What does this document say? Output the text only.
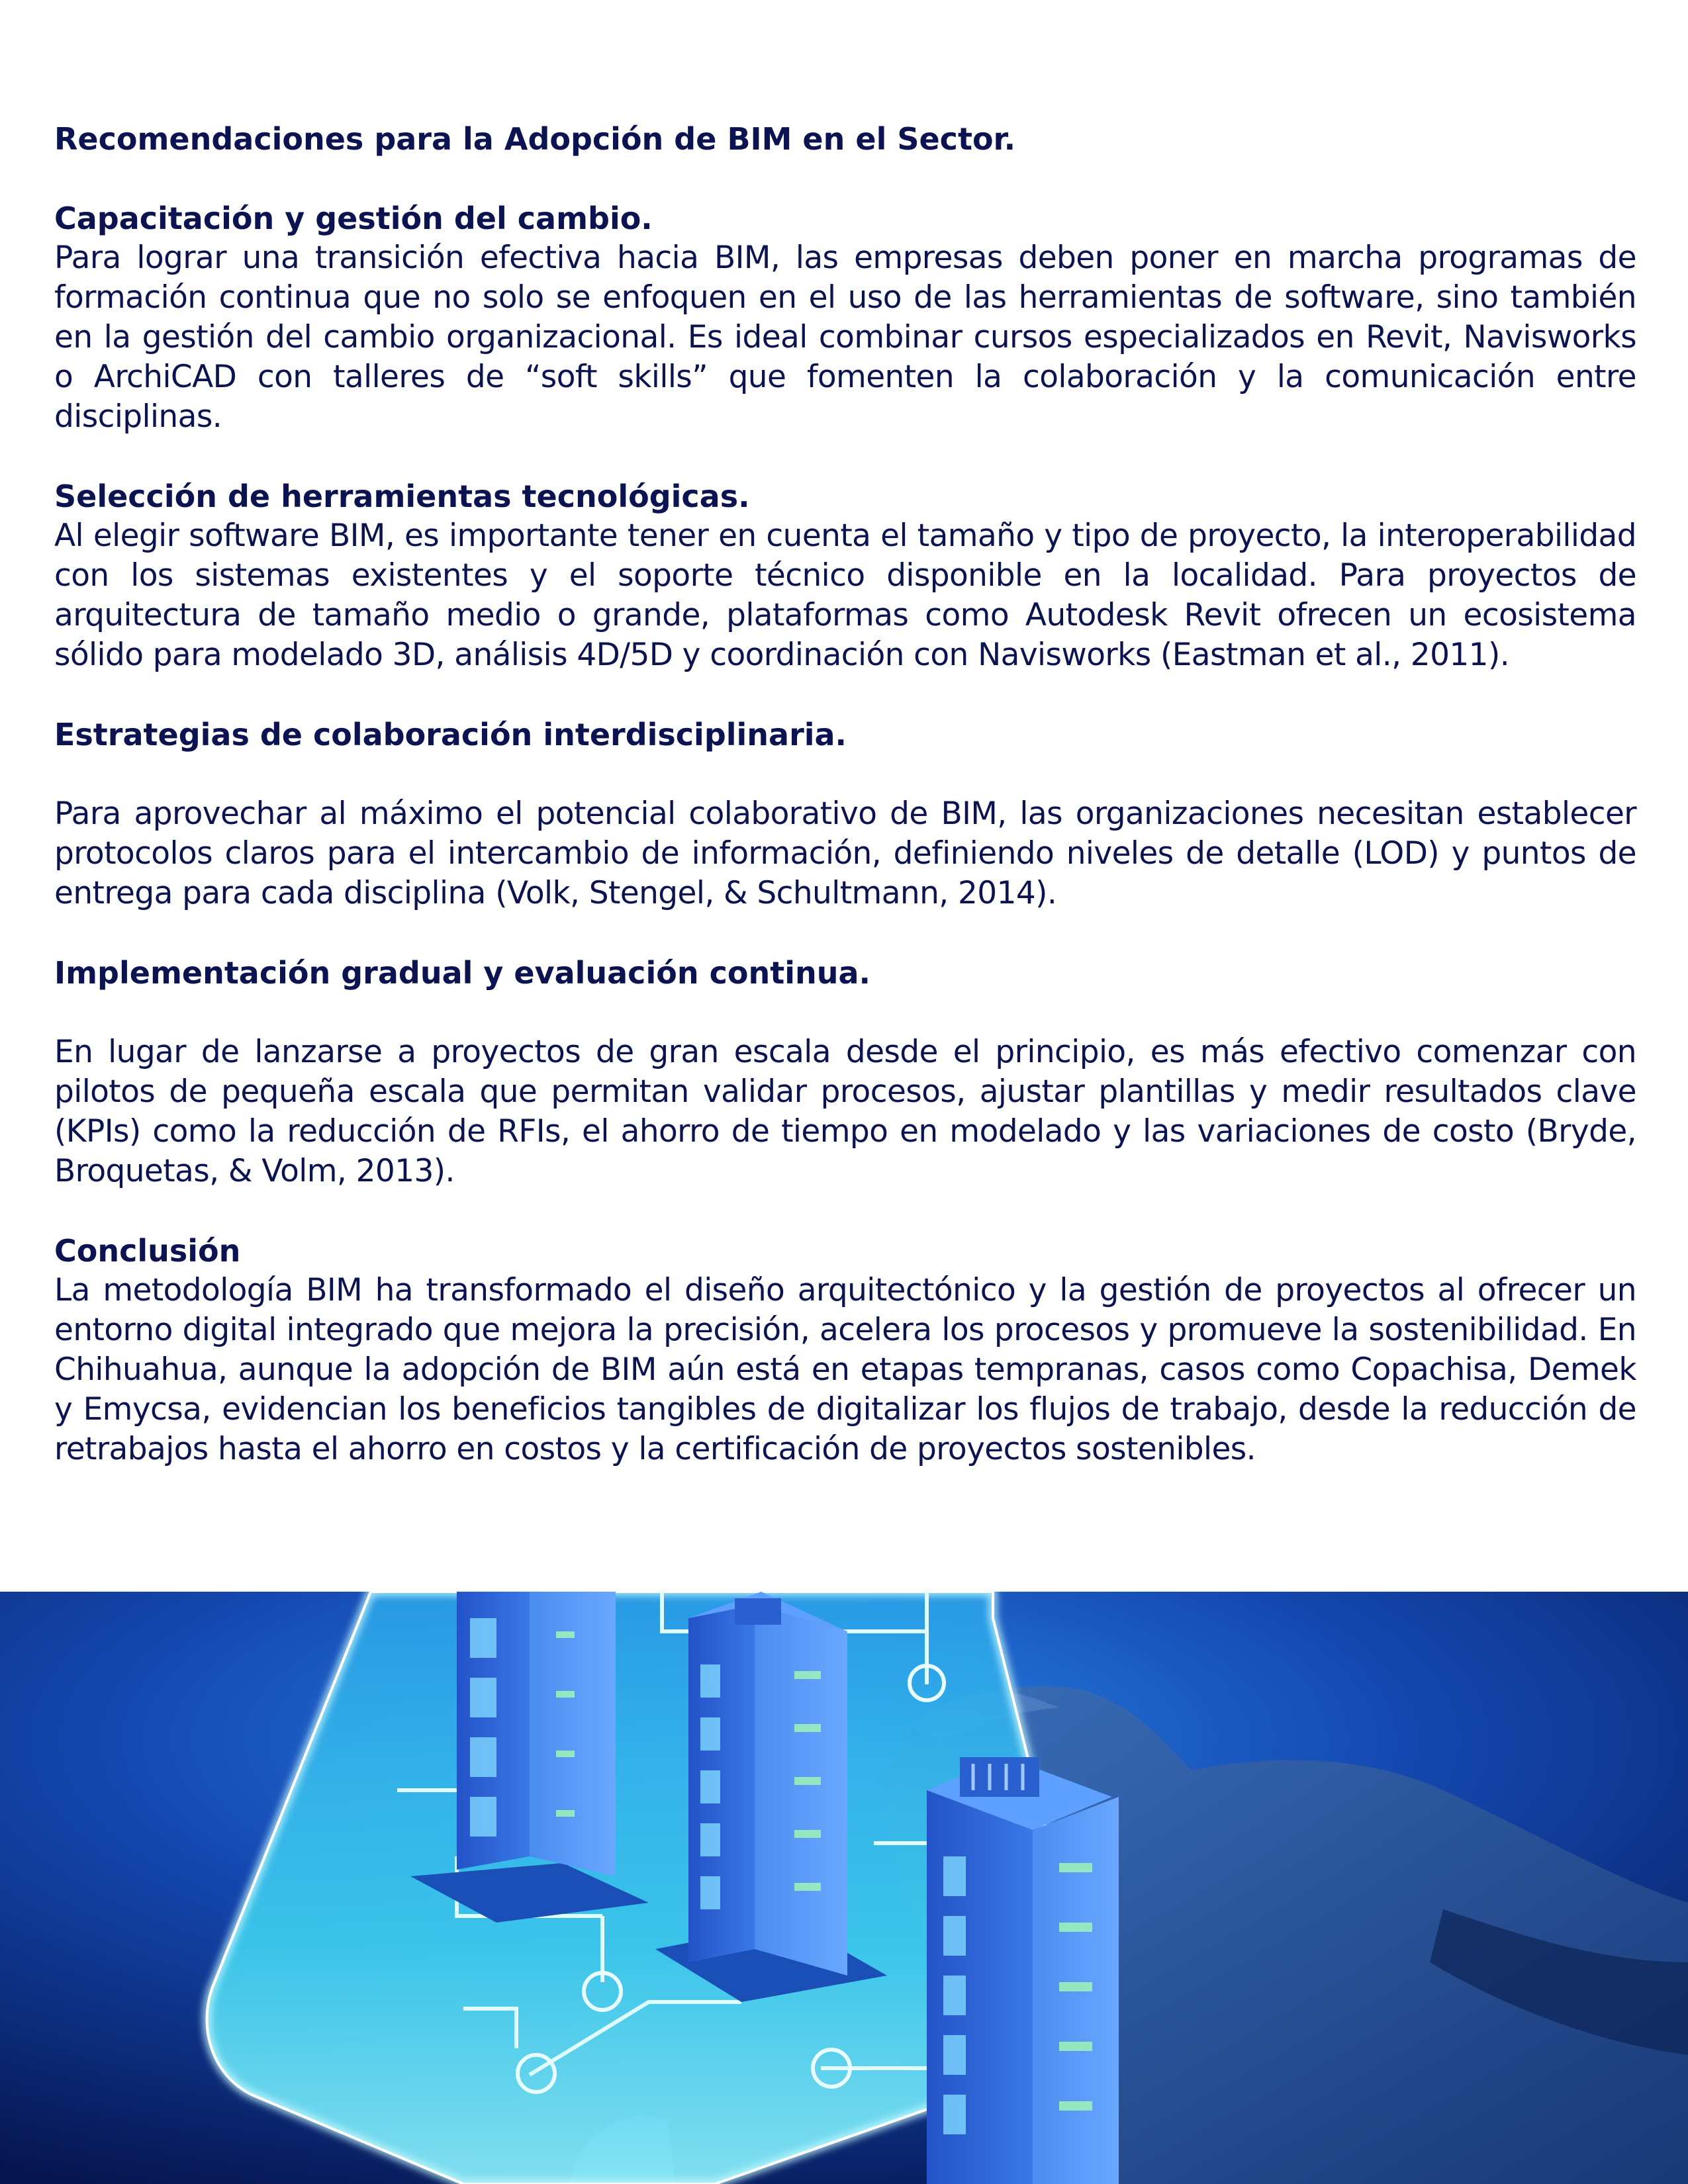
Recomendaciones para la Adopción de BIM en el Sector.

Capacitación y gestión del cambio.

Para lograr una transición efectiva hacia BIM, las empresas deben poner en marcha programas de formación continua que no solo se enfoquen en el uso de las herramientas de software, sino también en la gestión del cambio organizacional. Es ideal combinar cursos especializados en Revit, Navisworks o ArchiCAD con talleres de “soft skills” que fomenten la colaboración y la comunicación entre disciplinas.

Selección de herramientas tecnológicas.

Al elegir software BIM, es importante tener en cuenta el tamaño y tipo de proyecto, la interoperabilidad con los sistemas existentes y el soporte técnico disponible en la localidad. Para proyectos de arquitectura de tamaño medio o grande, plataformas como Autodesk Revit ofrecen un ecosistema sólido para modelado 3D, análisis 4D/5D y coordinación con Navisworks (Eastman et al., 2011).

Estrategias de colaboración interdisciplinaria.

Para aprovechar al máximo el potencial colaborativo de BIM, las organizaciones necesitan establecer protocolos claros para el intercambio de información, definiendo niveles de detalle (LOD) y puntos de entrega para cada disciplina (Volk, Stengel, & Schultmann, 2014).

Implementación gradual y evaluación continua.

En lugar de lanzarse a proyectos de gran escala desde el principio, es más efectivo comenzar con pilotos de pequeña escala que permitan validar procesos, ajustar plantillas y medir resultados clave (KPIs) como la reducción de RFIs, el ahorro de tiempo en modelado y las variaciones de costo (Bryde, Broquetas, & Volm, 2013).

Conclusión

La metodología BIM ha transformado el diseño arquitectónico y la gestión de proyectos al ofrecer un entorno digital integrado que mejora la precisión, acelera los procesos y promueve la sostenibilidad. En Chihuahua, aunque la adopción de BIM aún está en etapas tempranas, casos como Copachisa, Demek y Emycsa, evidencian los beneficios tangibles de digitalizar los flujos de trabajo, desde la reducción de retrabajos hasta el ahorro en costos y la certificación de proyectos sostenibles.
